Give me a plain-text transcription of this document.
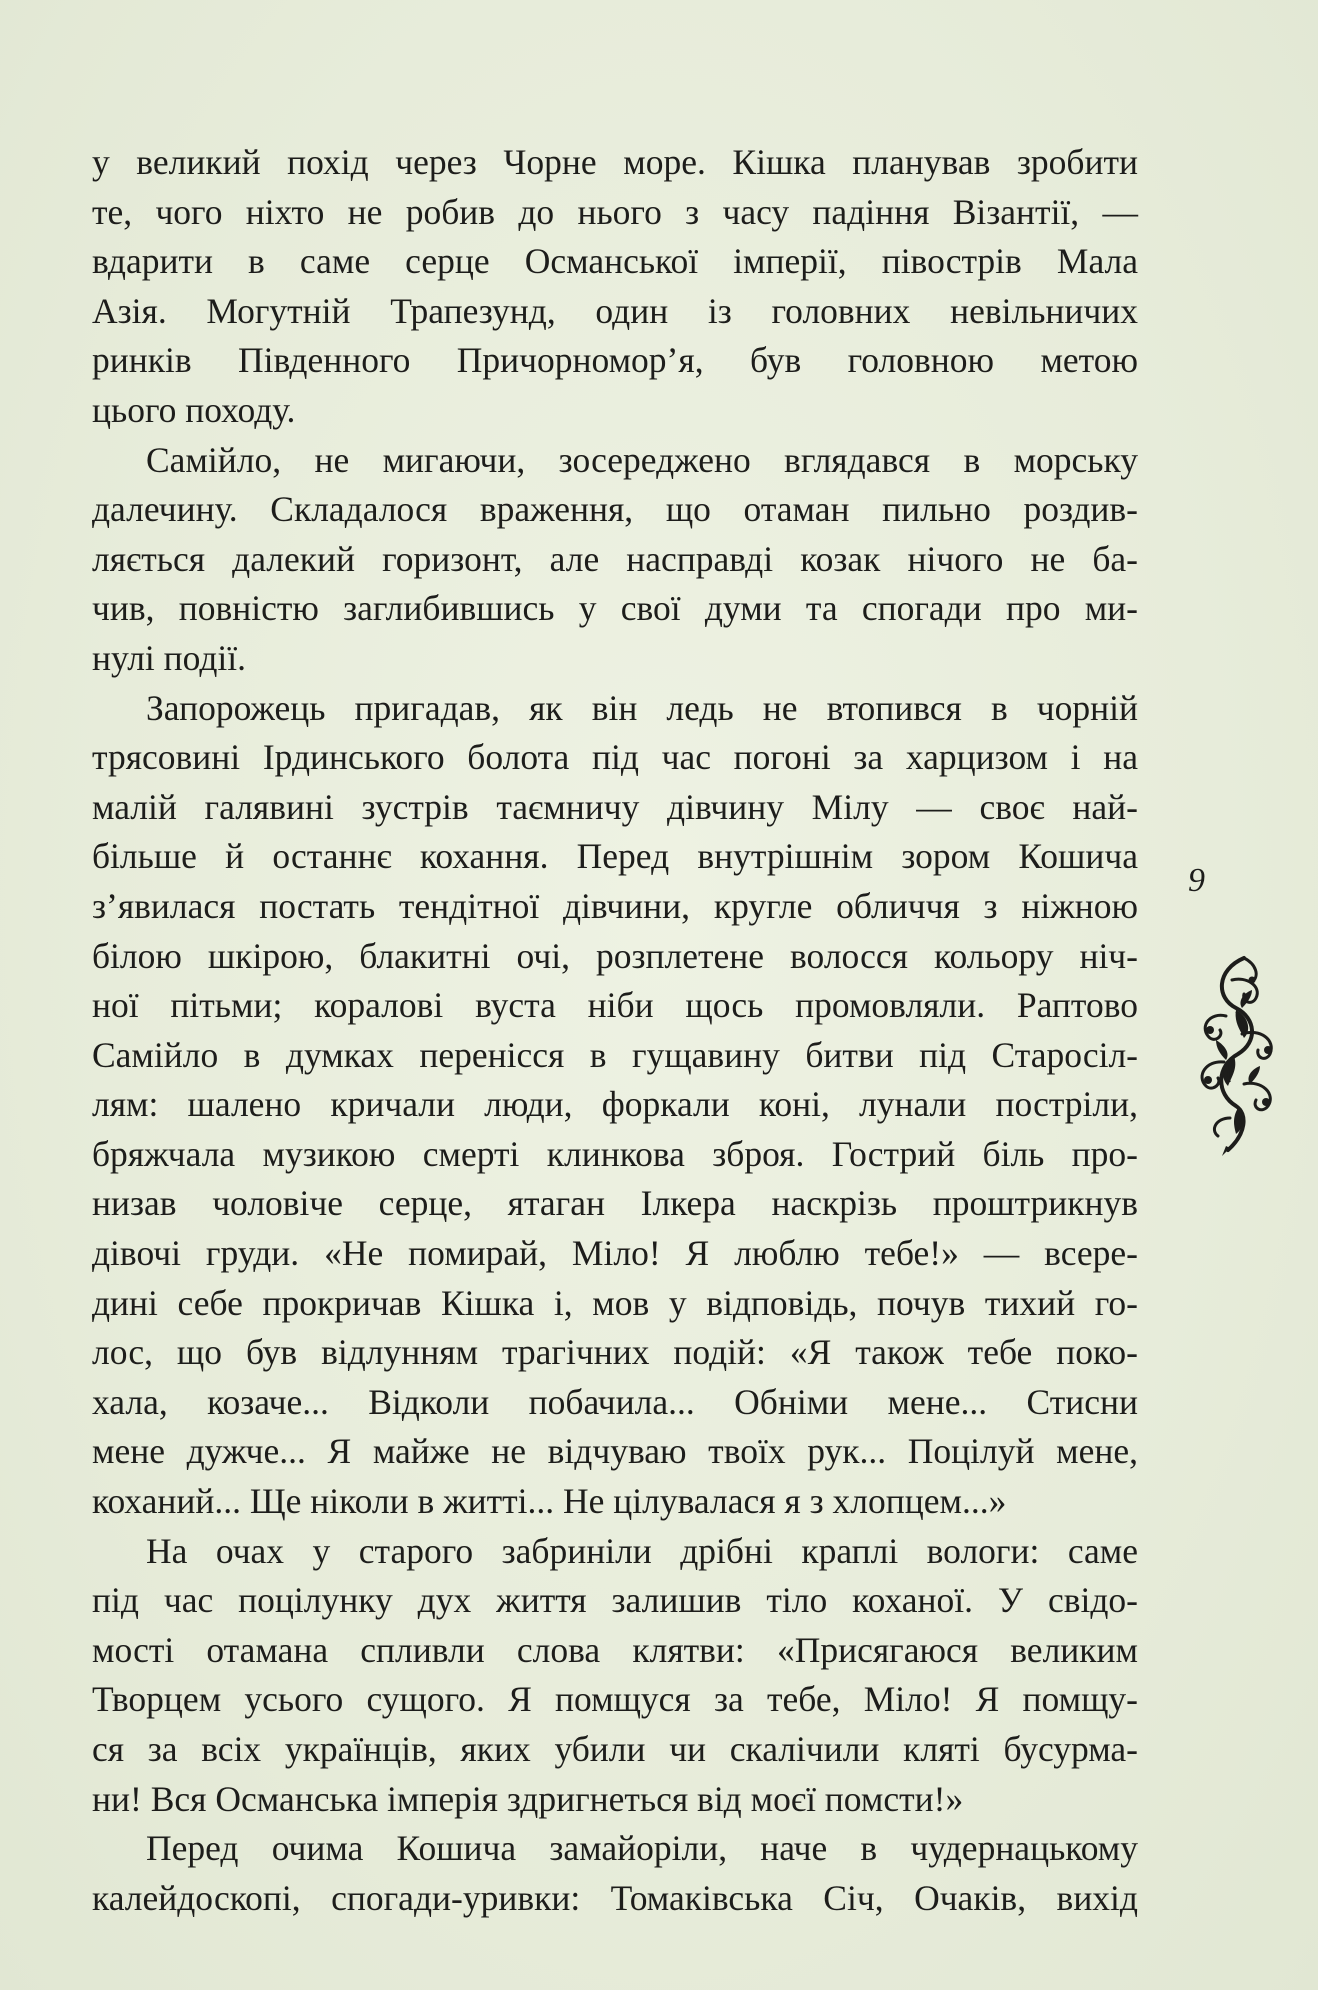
у великий похід через Чорне море. Кішка планував зробити
те, чого ніхто не робив до нього з часу падіння Візантії, —
вдарити в саме серце Османської імперії, півострів Мала
Азія. Могутній Трапезунд, один із головних невільничих
ринків Південного Причорномор’я, був головною метою
цього походу.

Самійло, не мигаючи, зосереджено вглядався в морську
далечину. Складалося враження, що отаман пильно роздив-
ляється далекий горизонт, але насправді козак нічого не ба-
чив, повністю заглибившись у свої думи та спогади про ми-
нулі події.

Запорожець пригадав, як він ледь не втопився в чорній
трясовині Ірдинського болота під час погоні за харцизом і на
малій галявині зустрів таємничу дівчину Мілу — своє най-
більше й останнє кохання. Перед внутрішнім зором Кошича
з’явилася постать тендітної дівчини, кругле обличчя з ніжною
білою шкірою, блакитні очі, розплетене волосся кольору ніч-
ної пітьми; коралові вуста ніби щось промовляли. Раптово
Самійло в думках перенісся в гущавину битви під Старосіл-
лям: шалено кричали люди, форкали коні, лунали постріли,
бряжчала музикою смерті клинкова зброя. Гострий біль про-
низав чоловіче серце, ятаган Ілкера наскрізь проштрикнув
дівочі груди. «Не помирай, Міло! Я люблю тебе!» — всере-
дині себе прокричав Кішка і, мов у відповідь, почув тихий го-
лос, що був відлунням трагічних подій: «Я також тебе поко-
хала, козаче... Відколи побачила... Обніми мене... Стисни
мене дужче... Я майже не відчуваю твоїх рук... Поцілуй мене,
коханий... Ще ніколи в житті... Не цілувалася я з хлопцем...»

На очах у старого забриніли дрібні краплі вологи: саме
під час поцілунку дух життя залишив тіло коханої. У свідо-
мості отамана спливли слова клятви: «Присягаюся великим
Творцем усього сущого. Я помщуся за тебе, Міло! Я помщу-
ся за всіх українців, яких убили чи скалічили кляті бусурма-
ни! Вся Османська імперія здригнеться від моєї помсти!»

Перед очима Кошича замайоріли, наче в чудернацькому
калейдоскопі, спогади-уривки: Томаківська Січ, Очаків, вихід

9
